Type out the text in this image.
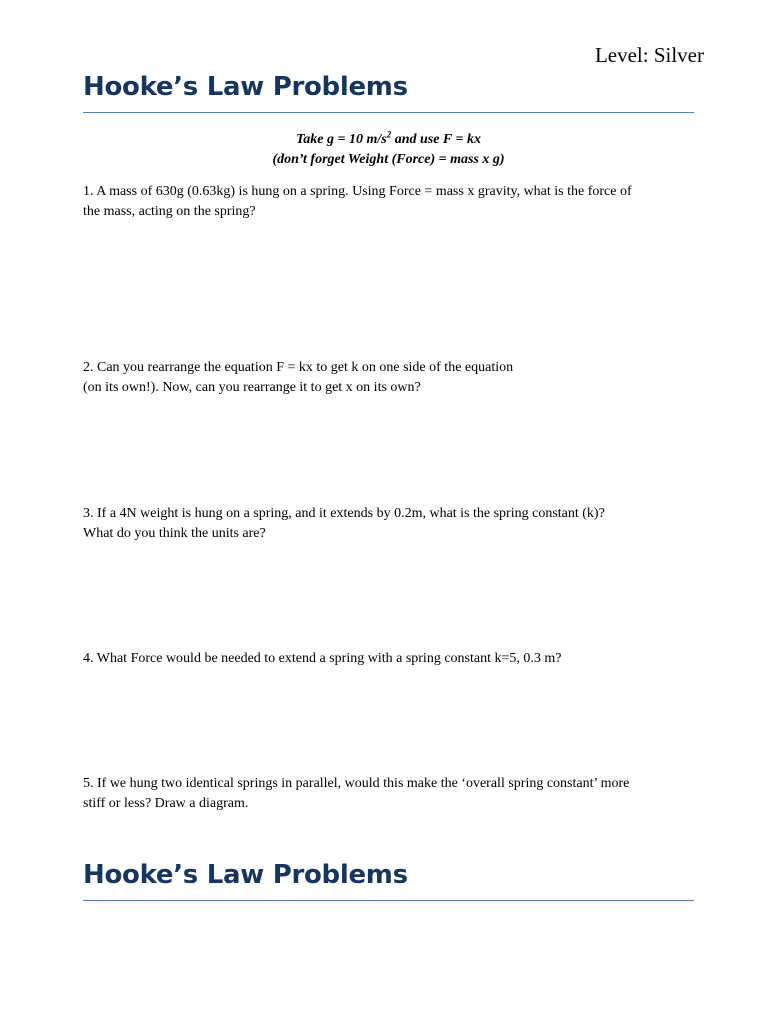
Level: Silver
Hooke’s Law Problems
Take g = 10 $m/s^2$ and use F = kx
(don’t forget Weight (Force) = mass x g)
1. A mass of 630g (0.63kg) is hung on a spring. Using Force = mass x gravity, what is the force of
the mass, acting on the spring?
2. Can you rearrange the equation F = kx to get k on one side of the equation
(on its own!). Now, can you rearrange it to get x on its own?
3. If a 4N weight is hung on a spring, and it extends by 0.2m, what is the spring constant (k)?
What do you think the units are?
4. What Force would be needed to extend a spring with a spring constant k=5, 0.3 m?
5. If we hung two identical springs in parallel, would this make the ‘overall spring constant’ more
stiff or less? Draw a diagram.
Hooke’s Law Problems
